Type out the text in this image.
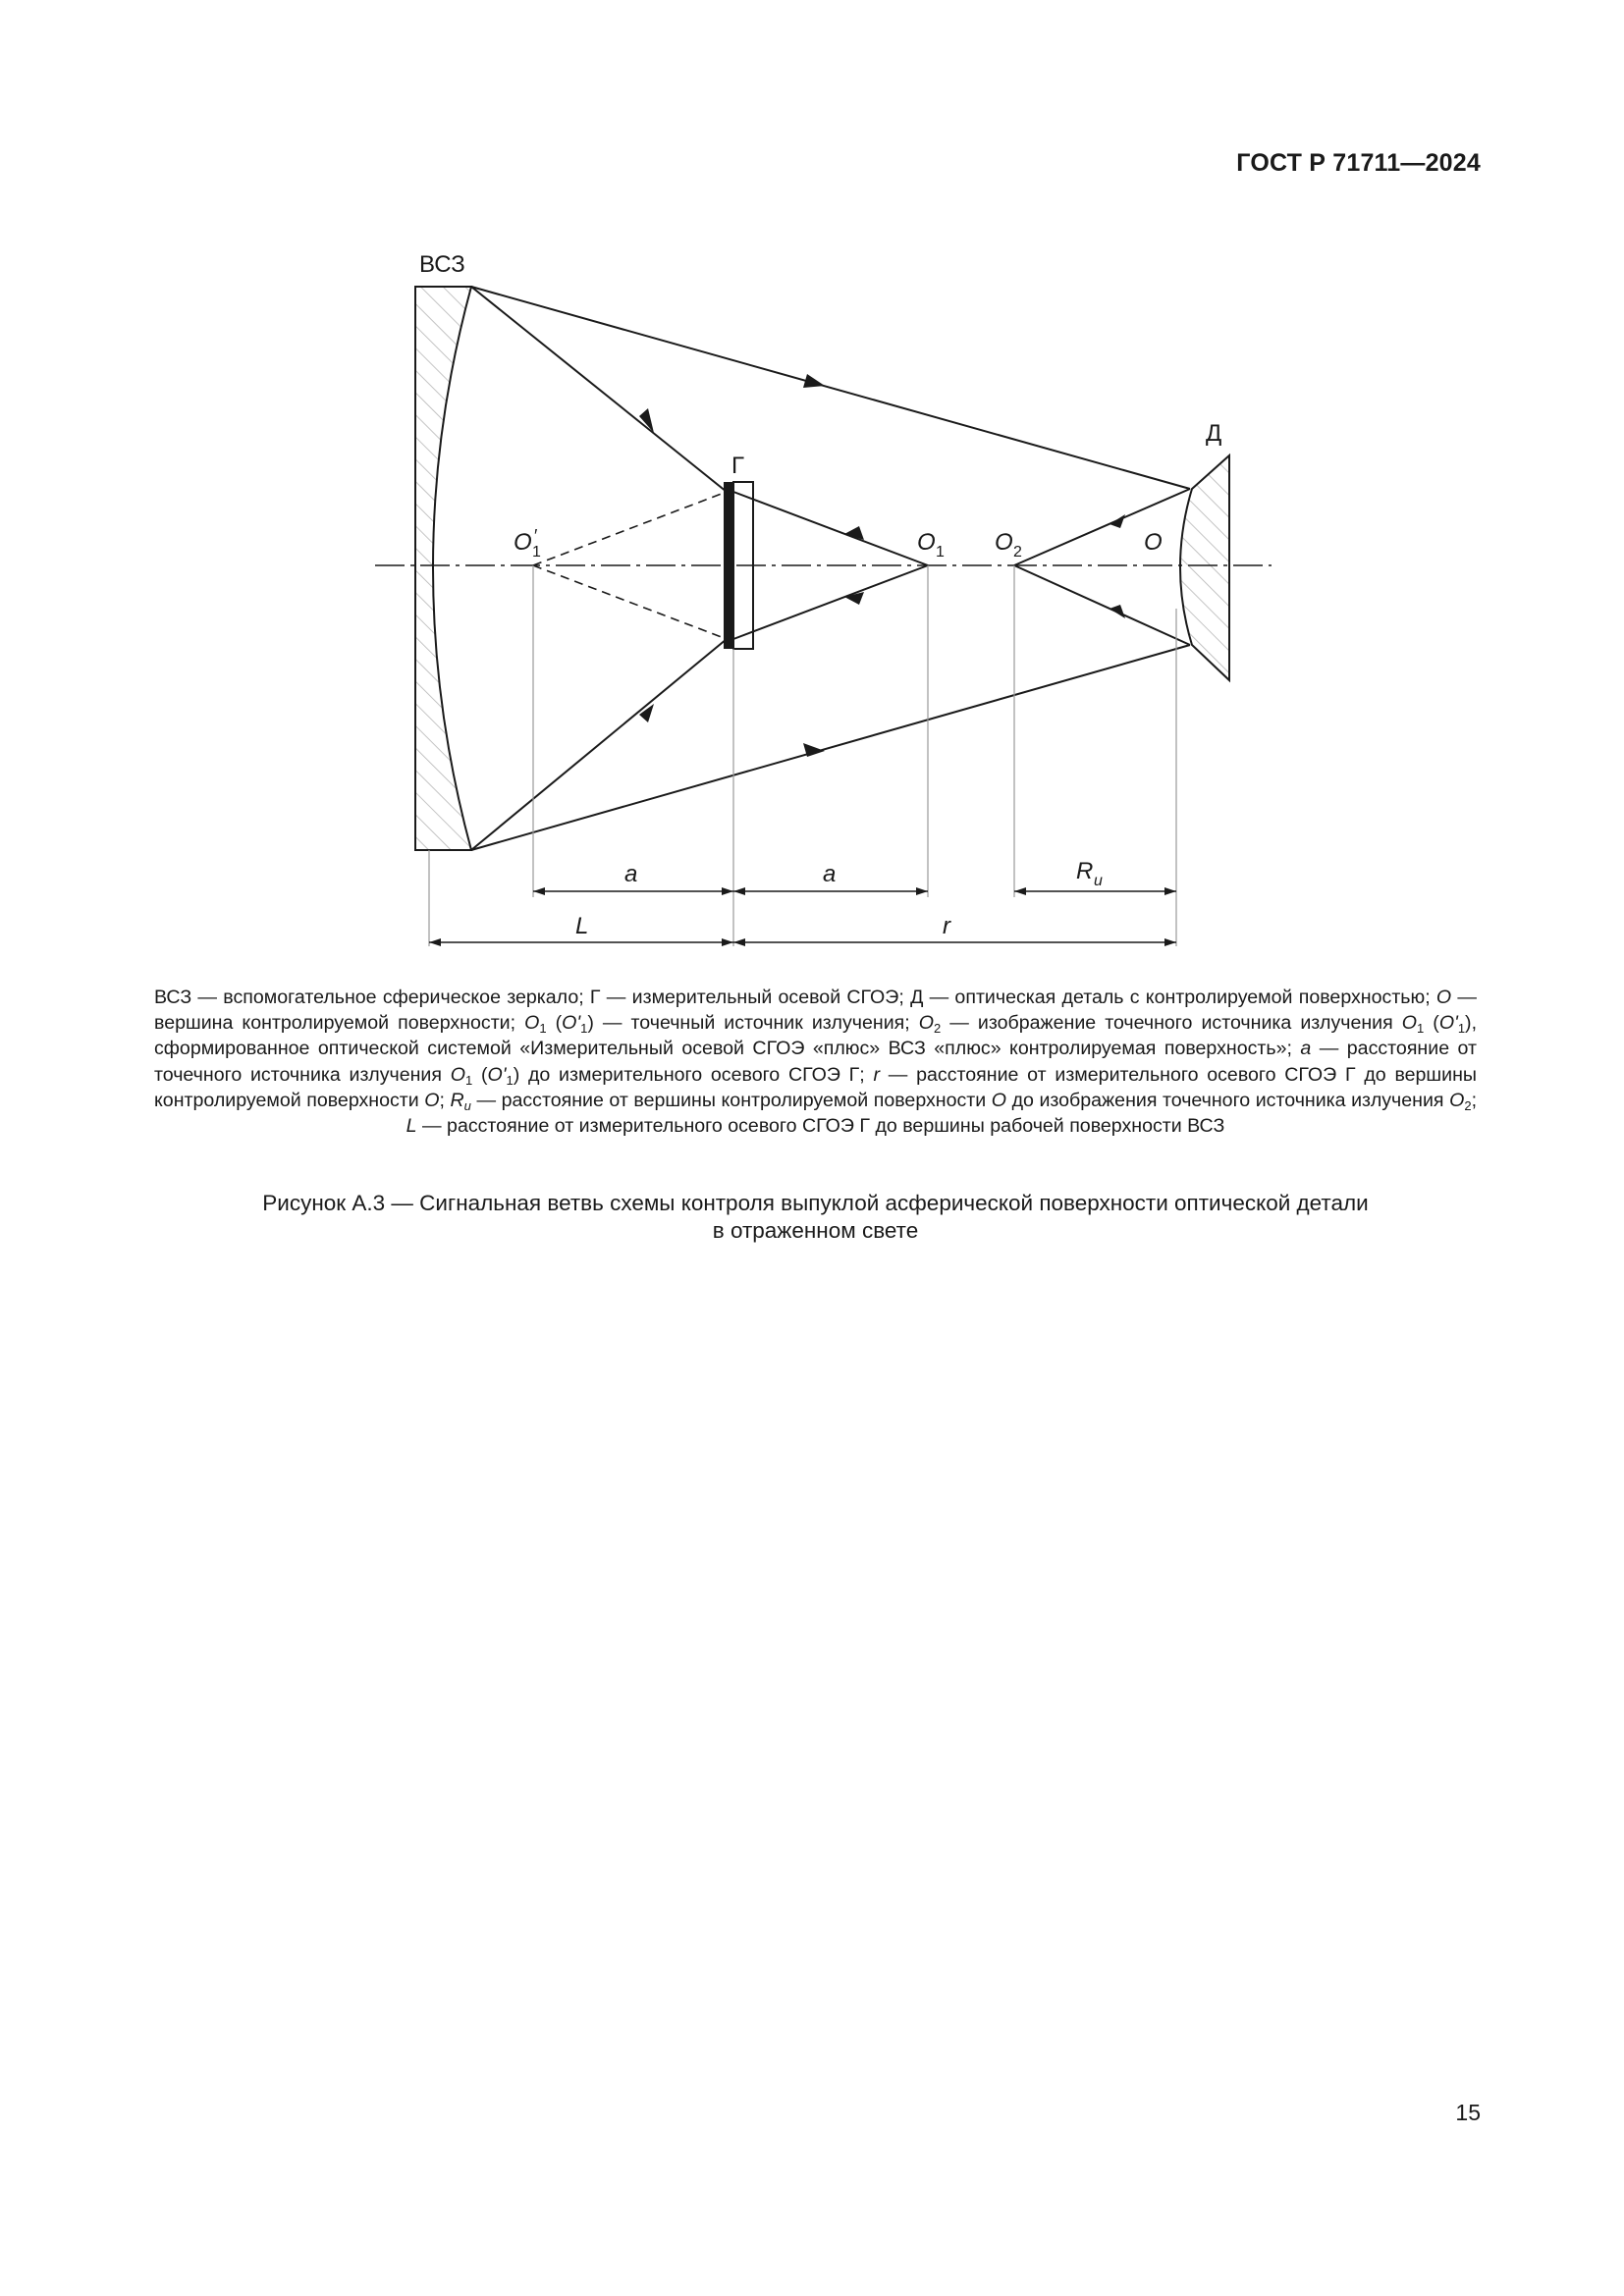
ГОСТ Р 71711—2024
ВСЗ
Д
Г
O 1
′	O 1 O 2	O
a	a	R u
L	r
ВСЗ — вспомогательное сферическое зеркало; Г — измерительный осевой СГОЭ; Д — оптическая деталь с контролируемой поверхностью; O — вершина контролируемой поверхности; $O_1$ $(O'_1)$ — точечный источник излучения; $O_2$ — изображение точечного источника излучения $O_1$ $(O'_1)$, сформированное оптической системой «Измерительный осевой СГОЭ «плюс» ВСЗ «плюс» контролируемая поверхность»; a — расстояние от точечного источника излучения $O_1$ $(O'_1)$ до измерительного осевого СГОЭ Г; r — расстояние от измерительного осевого СГОЭ Г до вершины контролируемой поверхности O; $R_u$ — расстояние от вершины контролируемой поверхности O до изображения точечного источника излучения $O_2$; L — расстояние от измерительного осевого СГОЭ Г до вершины рабочей поверхности ВСЗ
Рисунок А.3 — Сигнальная ветвь схемы контроля выпуклой асферической поверхности оптической детали
в отраженном свете
15
